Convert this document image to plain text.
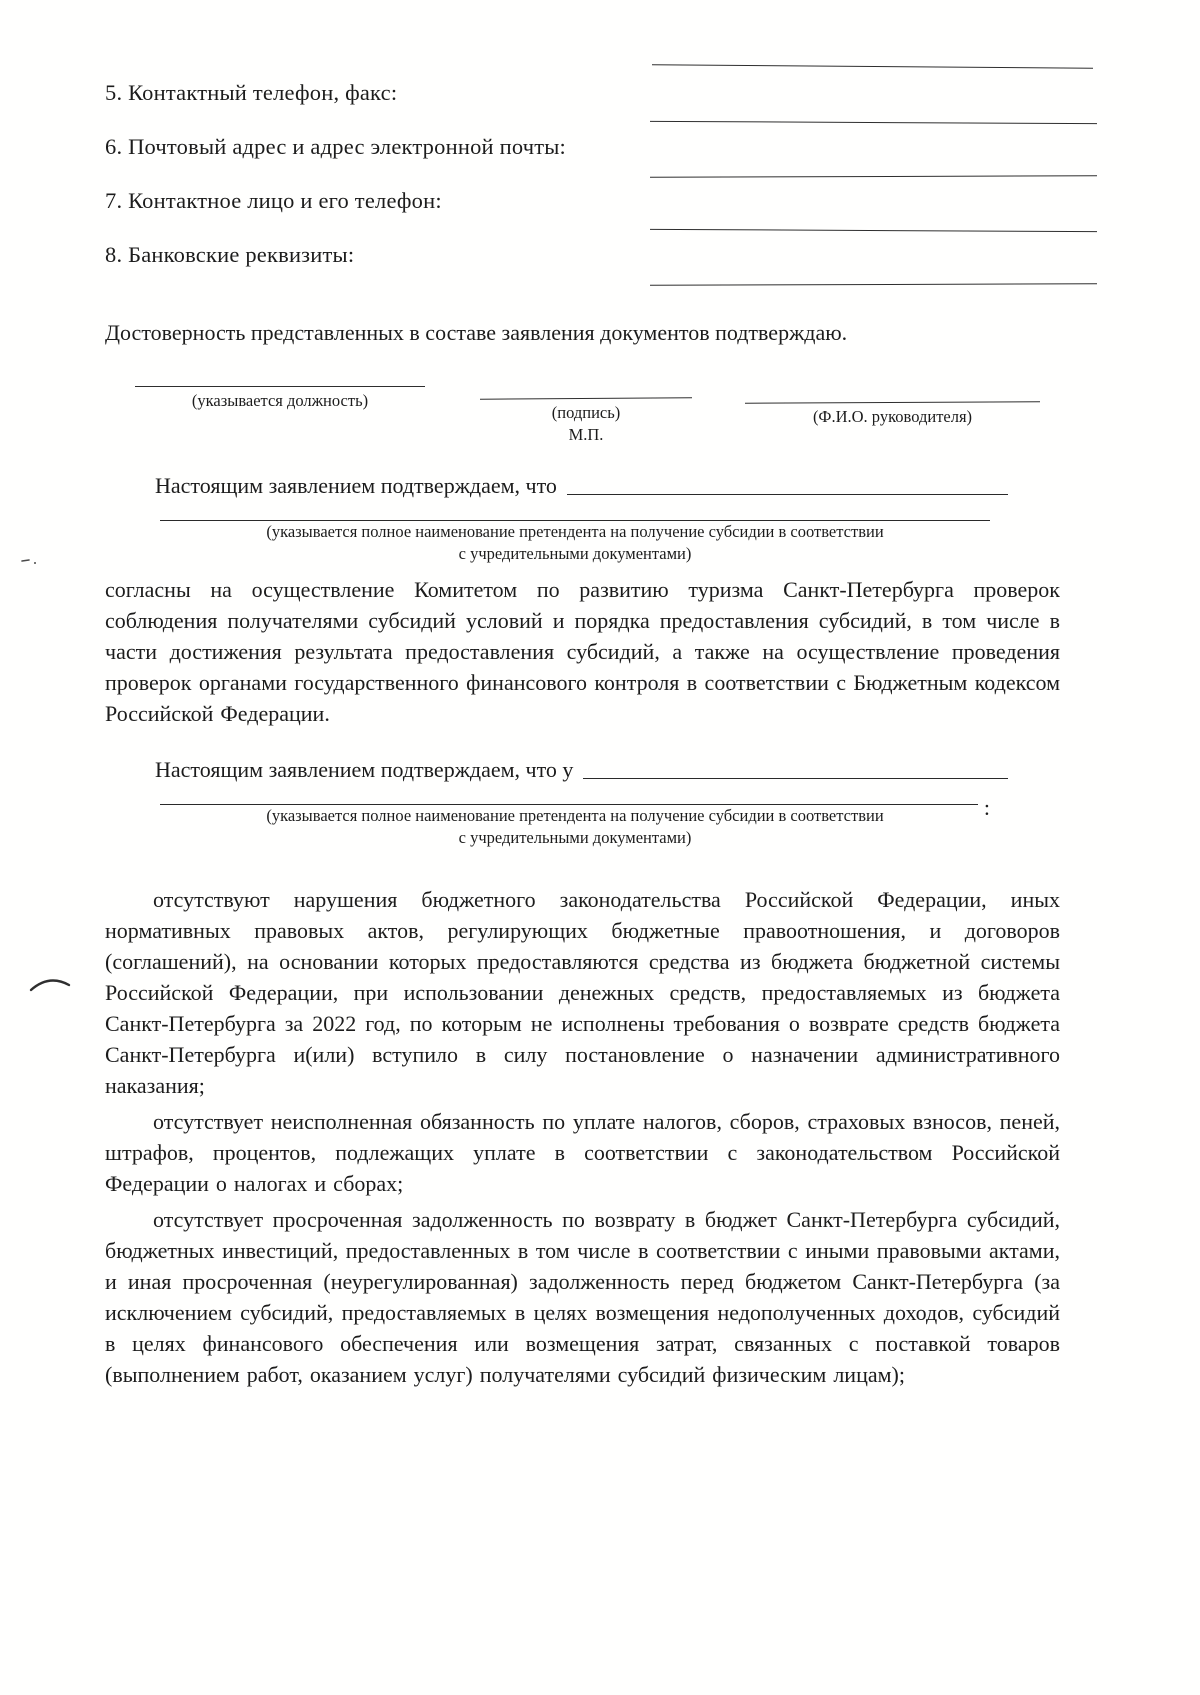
5. Контактный телефон, факс:
6. Почтовый адрес и адрес электронной почты:
7. Контактное лицо и его телефон:
8. Банковские реквизиты:

Достоверность представленных в составе заявления документов подтверждаю.

(указывается должность)
(подпись)
М.П.
(Ф.И.О. руководителя)
Настоящим заявлением подтверждаем, что
(указывается полное наименование претендента на получение субсидии в соответствии
с учредительными документами)

согласны на осуществление Комитетом по развитию туризма Санкт-Петербурга проверок соблюдения получателями субсидий условий и порядка предоставления субсидий, в том числе в части достижения результата предоставления субсидий, а также на осуществление проведения проверок органами государственного финансового контроля в соответствии с Бюджетным кодексом Российской Федерации.

Настоящим заявлением подтверждаем, что у
:
(указывается полное наименование претендента на получение субсидии в соответствии
с учредительными документами)

отсутствуют нарушения бюджетного законодательства Российской Федерации, иных нормативных правовых актов, регулирующих бюджетные правоотношения, и договоров (соглашений), на основании которых предоставляются средства из бюджета бюджетной системы Российской Федерации, при использовании денежных средств, предоставляемых из бюджета Санкт-Петербурга за 2022 год, по которым не исполнены требования о возврате средств бюджета Санкт-Петербурга и(или) вступило в силу постановление о назначении административного наказания;

отсутствует неисполненная обязанность по уплате налогов, сборов, страховых взносов, пеней, штрафов, процентов, подлежащих уплате в соответствии с законодательством Российской Федерации о налогах и сборах;

отсутствует просроченная задолженность по возврату в бюджет Санкт-Петербурга субсидий, бюджетных инвестиций, предоставленных в том числе в соответствии с иными правовыми актами, и иная просроченная (неурегулированная) задолженность перед бюджетом Санкт-Петербурга (за исключением субсидий, предоставляемых в целях возмещения недополученных доходов, субсидий в целях финансового обеспечения или возмещения затрат, связанных с поставкой товаров (выполнением работ, оказанием услуг) получателями субсидий физическим лицам);
